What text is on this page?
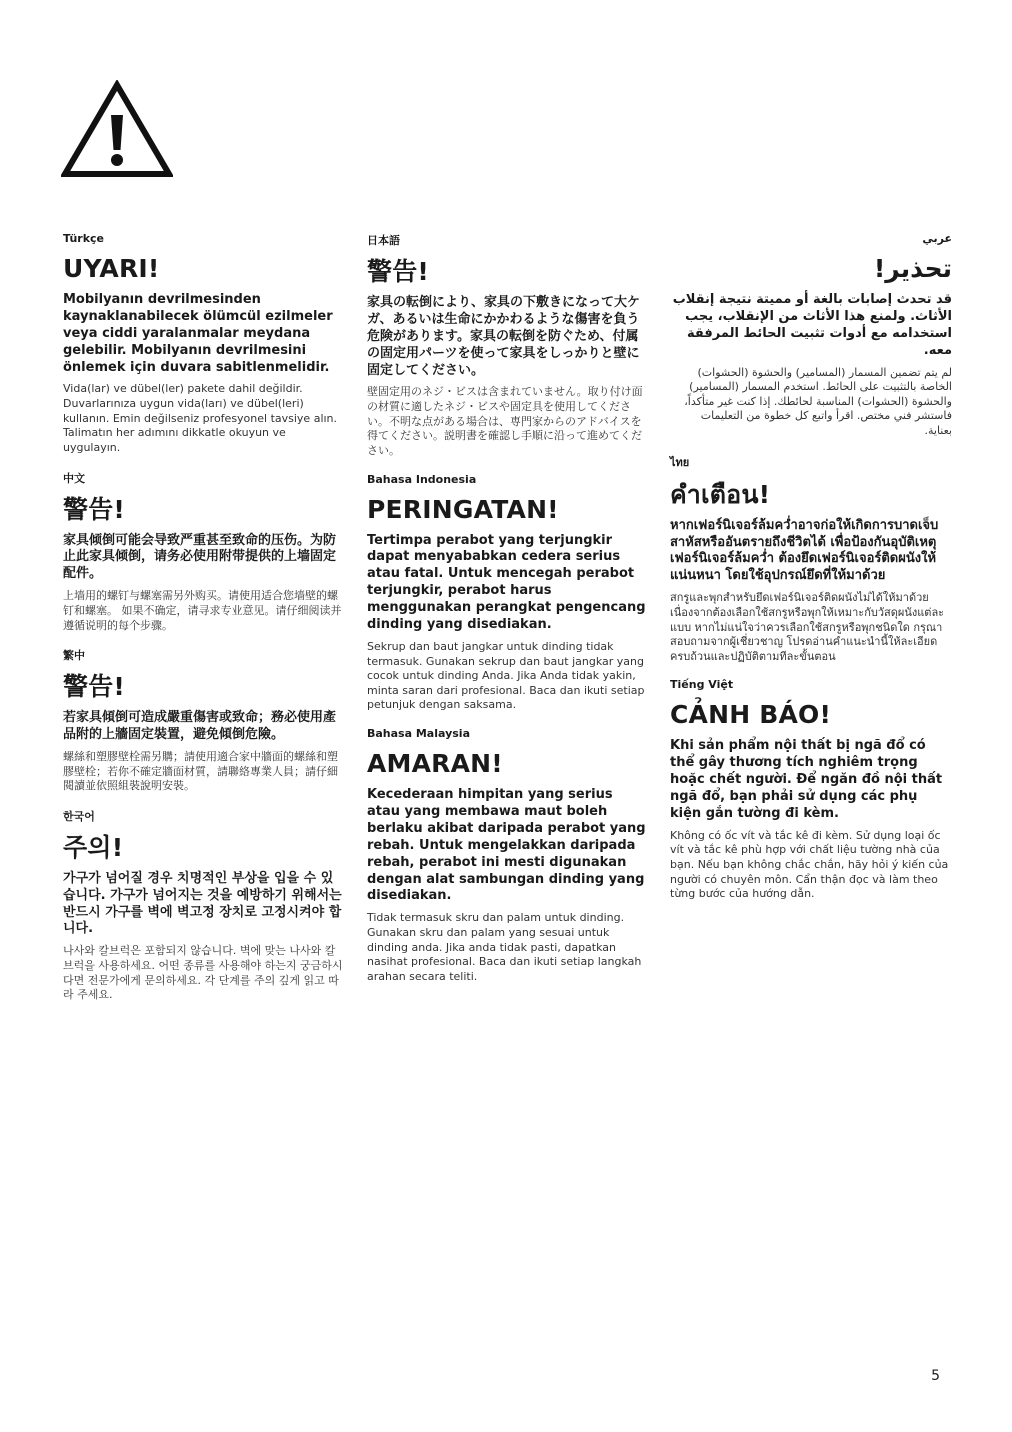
Türkçe
UYARI!
Mobilyanın devrilmesinden kaynaklanabilecek ölümcül ezilmeler veya ciddi yaralanmalar meydana gelebilir. Mobilyanın devrilmesini önlemek için duvara sabitlenmelidir.
Vida(lar) ve dübel(ler) pakete dahil değildir. Duvarlarınıza uygun vida(ları) ve dübel(leri) kullanın. Emin değilseniz profesyonel tavsiye alın. Talimatın her adımını dikkatle okuyun ve uygulayın.
中文
警告!
家具倾倒可能会导致严重甚至致命的压伤。为防止此家具倾倒，请务必使用附带提供的上墙固定配件。
上墙用的螺钉与螺塞需另外购买。请使用适合您墙壁的螺钉和螺塞。 如果不确定，请寻求专业意见。请仔细阅读并遵循说明的每个步骤。
繁中
警告!
若家具傾倒可造成嚴重傷害或致命；務必使用產品附的上牆固定裝置，避免傾倒危險。
螺絲和塑膠壁栓需另購；請使用適合家中牆面的螺絲和塑膠壁栓；若你不確定牆面材質，請聯絡專業人員；請仔細閱讀並依照組裝說明安裝。
한국어
주의!
가구가 넘어질 경우 치명적인 부상을 입을 수 있습니다. 가구가 넘어지는 것을 예방하기 위해서는 반드시 가구를 벽에 벽고정 장치로 고정시켜야 합니다.
나사와 칼브럭은 포함되지 않습니다. 벽에 맞는 나사와 칼브럭을 사용하세요. 어떤 종류를 사용해야 하는지 궁금하시다면 전문가에게 문의하세요. 각 단계를 주의 깊게 읽고 따라 주세요.
日本語
警告!
家具の転倒により、家具の下敷きになって大ケガ、あるいは生命にかかわるような傷害を負う危険があります。家具の転倒を防ぐため、付属の固定用パーツを使って家具をしっかりと壁に固定してください。
壁固定用のネジ・ビスは含まれていません。取り付け面の材質に適したネジ・ビスや固定具を使用してください。不明な点がある場合は、専門家からのアドバイスを得てください。説明書を確認し手順に沿って進めてください。
Bahasa Indonesia
PERINGATAN!
Tertimpa perabot yang terjungkir dapat menyababkan cedera serius atau fatal. Untuk mencegah perabot terjungkir, perabot harus menggunakan perangkat pengencang dinding yang disediakan.
Sekrup dan baut jangkar untuk dinding tidak termasuk. Gunakan sekrup dan baut jangkar yang cocok untuk dinding Anda. Jika Anda tidak yakin, minta saran dari profesional. Baca dan ikuti setiap petunjuk dengan saksama.
Bahasa Malaysia
AMARAN!
Kecederaan himpitan yang serius atau yang membawa maut boleh berlaku akibat daripada perabot yang rebah. Untuk mengelakkan daripada rebah, perabot ini mesti digunakan dengan alat sambungan dinding yang disediakan.
Tidak termasuk skru dan palam untuk dinding. Gunakan skru dan palam yang sesuai untuk dinding anda. Jika anda tidak pasti, dapatkan nasihat profesional. Baca dan ikuti setiap langkah arahan secara teliti.
عربي
تحذير!
قد تحدث إصابات بالغة أو مميتة نتيجة إنقلاب الأثاث. ولمنع هذا الأثاث من الإنقلاب، يجب استخدامه مع أدوات تثبيت الحائط المرفقة معه.
لم يتم تضمين المسمار (المسامير) والحشوة (الحشوات) الخاصة بالتثبيت على الحائط. استخدم المسمار (المسامير) والحشوة (الحشوات) المناسبة لحائطك. إذا كنت غير متأكداً، فاستشر فني مختص. اقرأ واتبع كل خطوة من التعليمات بعناية.
ไทย
คำเตือน!
หากเฟอร์นิเจอร์ล้มคว่ำอาจก่อให้เกิดการบาดเจ็บสาหัสหรืออันตรายถึงชีวิตได้ เพื่อป้องกันอุบัติเหตุเฟอร์นิเจอร์ล้มคว่ำ ต้องยึดเฟอร์นิเจอร์ติดผนังให้แน่นหนา โดยใช้อุปกรณ์ยึดที่ให้มาด้วย
สกรูและพุกสำหรับยึดเฟอร์นิเจอร์ติดผนังไม่ได้ให้มาด้วย เนื่องจากต้องเลือกใช้สกรูหรือพุกให้เหมาะกับวัสดุผนังแต่ละแบบ หากไม่แน่ใจว่าควรเลือกใช้สกรูหรือพุกชนิดใด กรุณาสอบถามจากผู้เชี่ยวชาญ โปรดอ่านคำแนะนำนี้ให้ละเอียดครบถ้วนและปฏิบัติตามทีละขั้นตอน
Tiếng Việt
CẢNH BÁO!
Khi sản phẩm nội thất bị ngã đổ có thể gây thương tích nghiêm trọng hoặc chết người. Để ngăn đồ nội thất ngã đổ, bạn phải sử dụng các phụ kiện gắn tường đi kèm.
Không có ốc vít và tắc kê đi kèm. Sử dụng loại ốc vít và tắc kê phù hợp với chất liệu tường nhà của bạn. Nếu bạn không chắc chắn, hãy hỏi ý kiến của người có chuyên môn. Cẩn thận đọc và làm theo từng bước của hướng dẫn.
5
